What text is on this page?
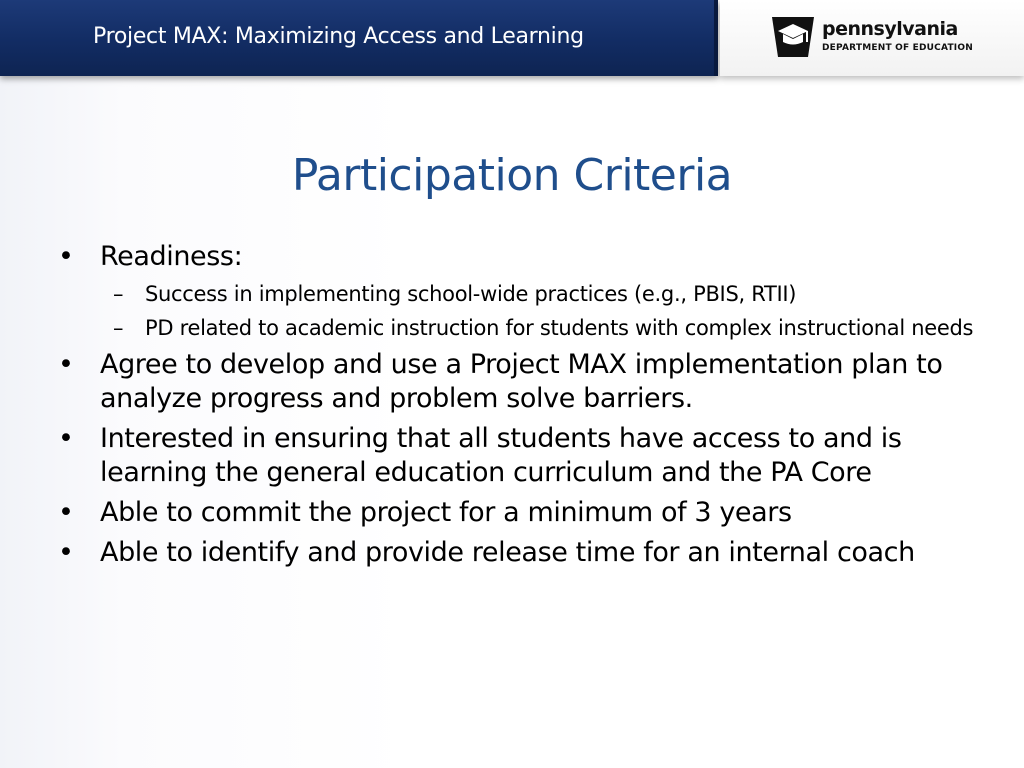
Project MAX: Maximizing Access and Learning	pennsylvania
DEPARTMENT OF EDUCATION
Participation Criteria
• Readiness:
– Success in implementing school-wide practices (e.g., PBIS, RTII)
– PD related to academic instruction for students with complex instructional needs
• Agree to develop and use a Project MAX implementation plan to analyze progress and problem solve barriers.
• Interested in ensuring that all students have access to and is learning the general education curriculum and the PA Core
• Able to commit the project for a minimum of 3 years
• Able to identify and provide release time for an internal coach
